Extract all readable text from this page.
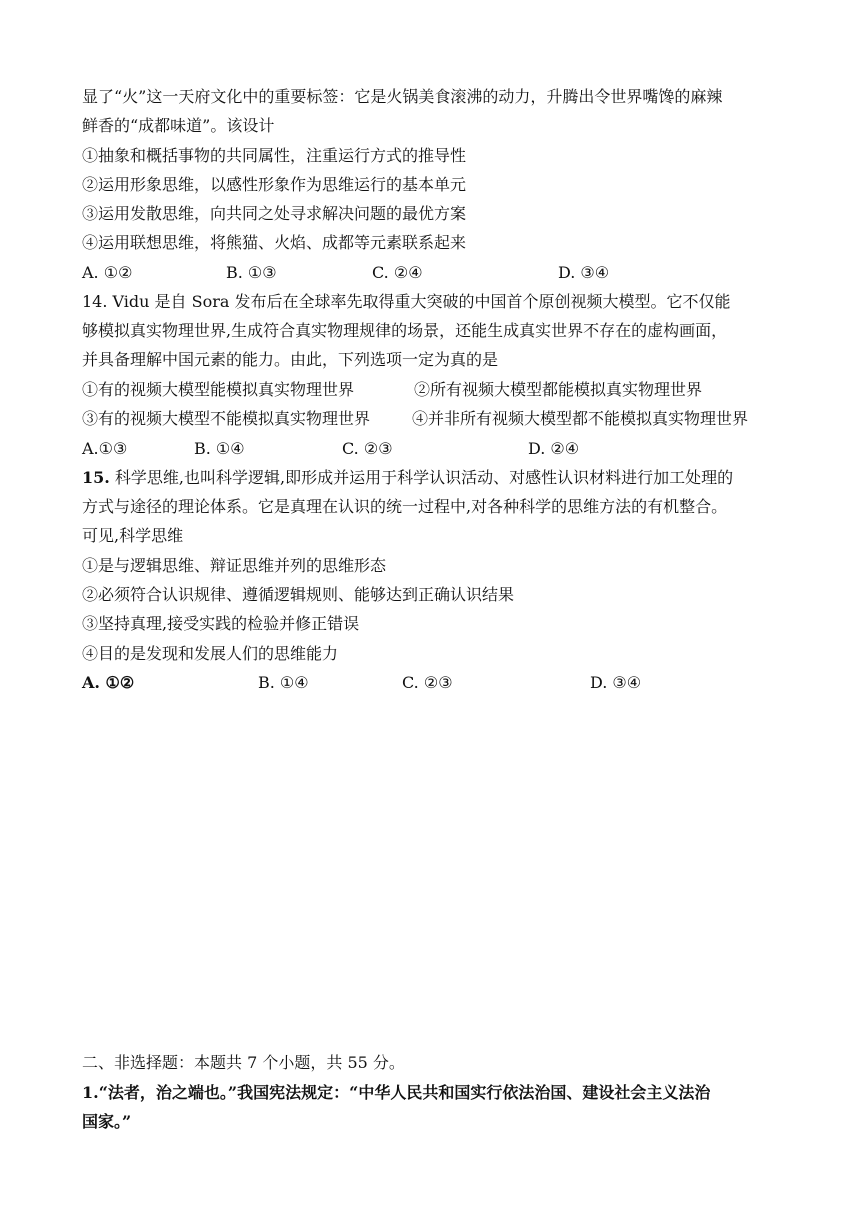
显了“火”这一天府文化中的重要标签：它是火锅美食滚沸的动力，升腾出令世界嘴馋的麻辣
鲜香的“成都味道”。该设计
①抽象和概括事物的共同属性，注重运行方式的推导性
②运用形象思维，以感性形象作为思维运行的基本单元
③运用发散思维，向共同之处寻求解决问题的最优方案
④运用联想思维，将熊猫、火焰、成都等元素联系起来
A. ①②	B. ①③	C. ②④	D. ③④
14. Vidu 是自 Sora 发布后在全球率先取得重大突破的中国首个原创视频大模型。它不仅能
够模拟真实物理世界,生成符合真实物理规律的场景，还能生成真实世界不存在的虚构画面，
并具备理解中国元素的能力。由此，下列选项一定为真的是
①有的视频大模型能模拟真实物理世界	②所有视频大模型都能模拟真实物理世界
③有的视频大模型不能模拟真实物理世界	④并非所有视频大模型都不能模拟真实物理世界
A.①③	B. ①④	C. ②③	D. ②④
15. 科学思维,也叫科学逻辑,即形成并运用于科学认识活动、对感性认识材料进行加工处理的
方式与途径的理论体系。它是真理在认识的统一过程中,对各种科学的思维方法的有机整合。
可见,科学思维
①是与逻辑思维、辩证思维并列的思维形态
②必须符合认识规律、遵循逻辑规则、能够达到正确认识结果
③坚持真理,接受实践的检验并修正错误
④目的是发现和发展人们的思维能力
A. ①②	B. ①④	C. ②③	D. ③④
二、非选择题：本题共 7 个小题，共 55 分。
1.“法者，治之端也。”我国宪法规定：“中华人民共和国实行依法治国、建设社会主义法治
国家。”
